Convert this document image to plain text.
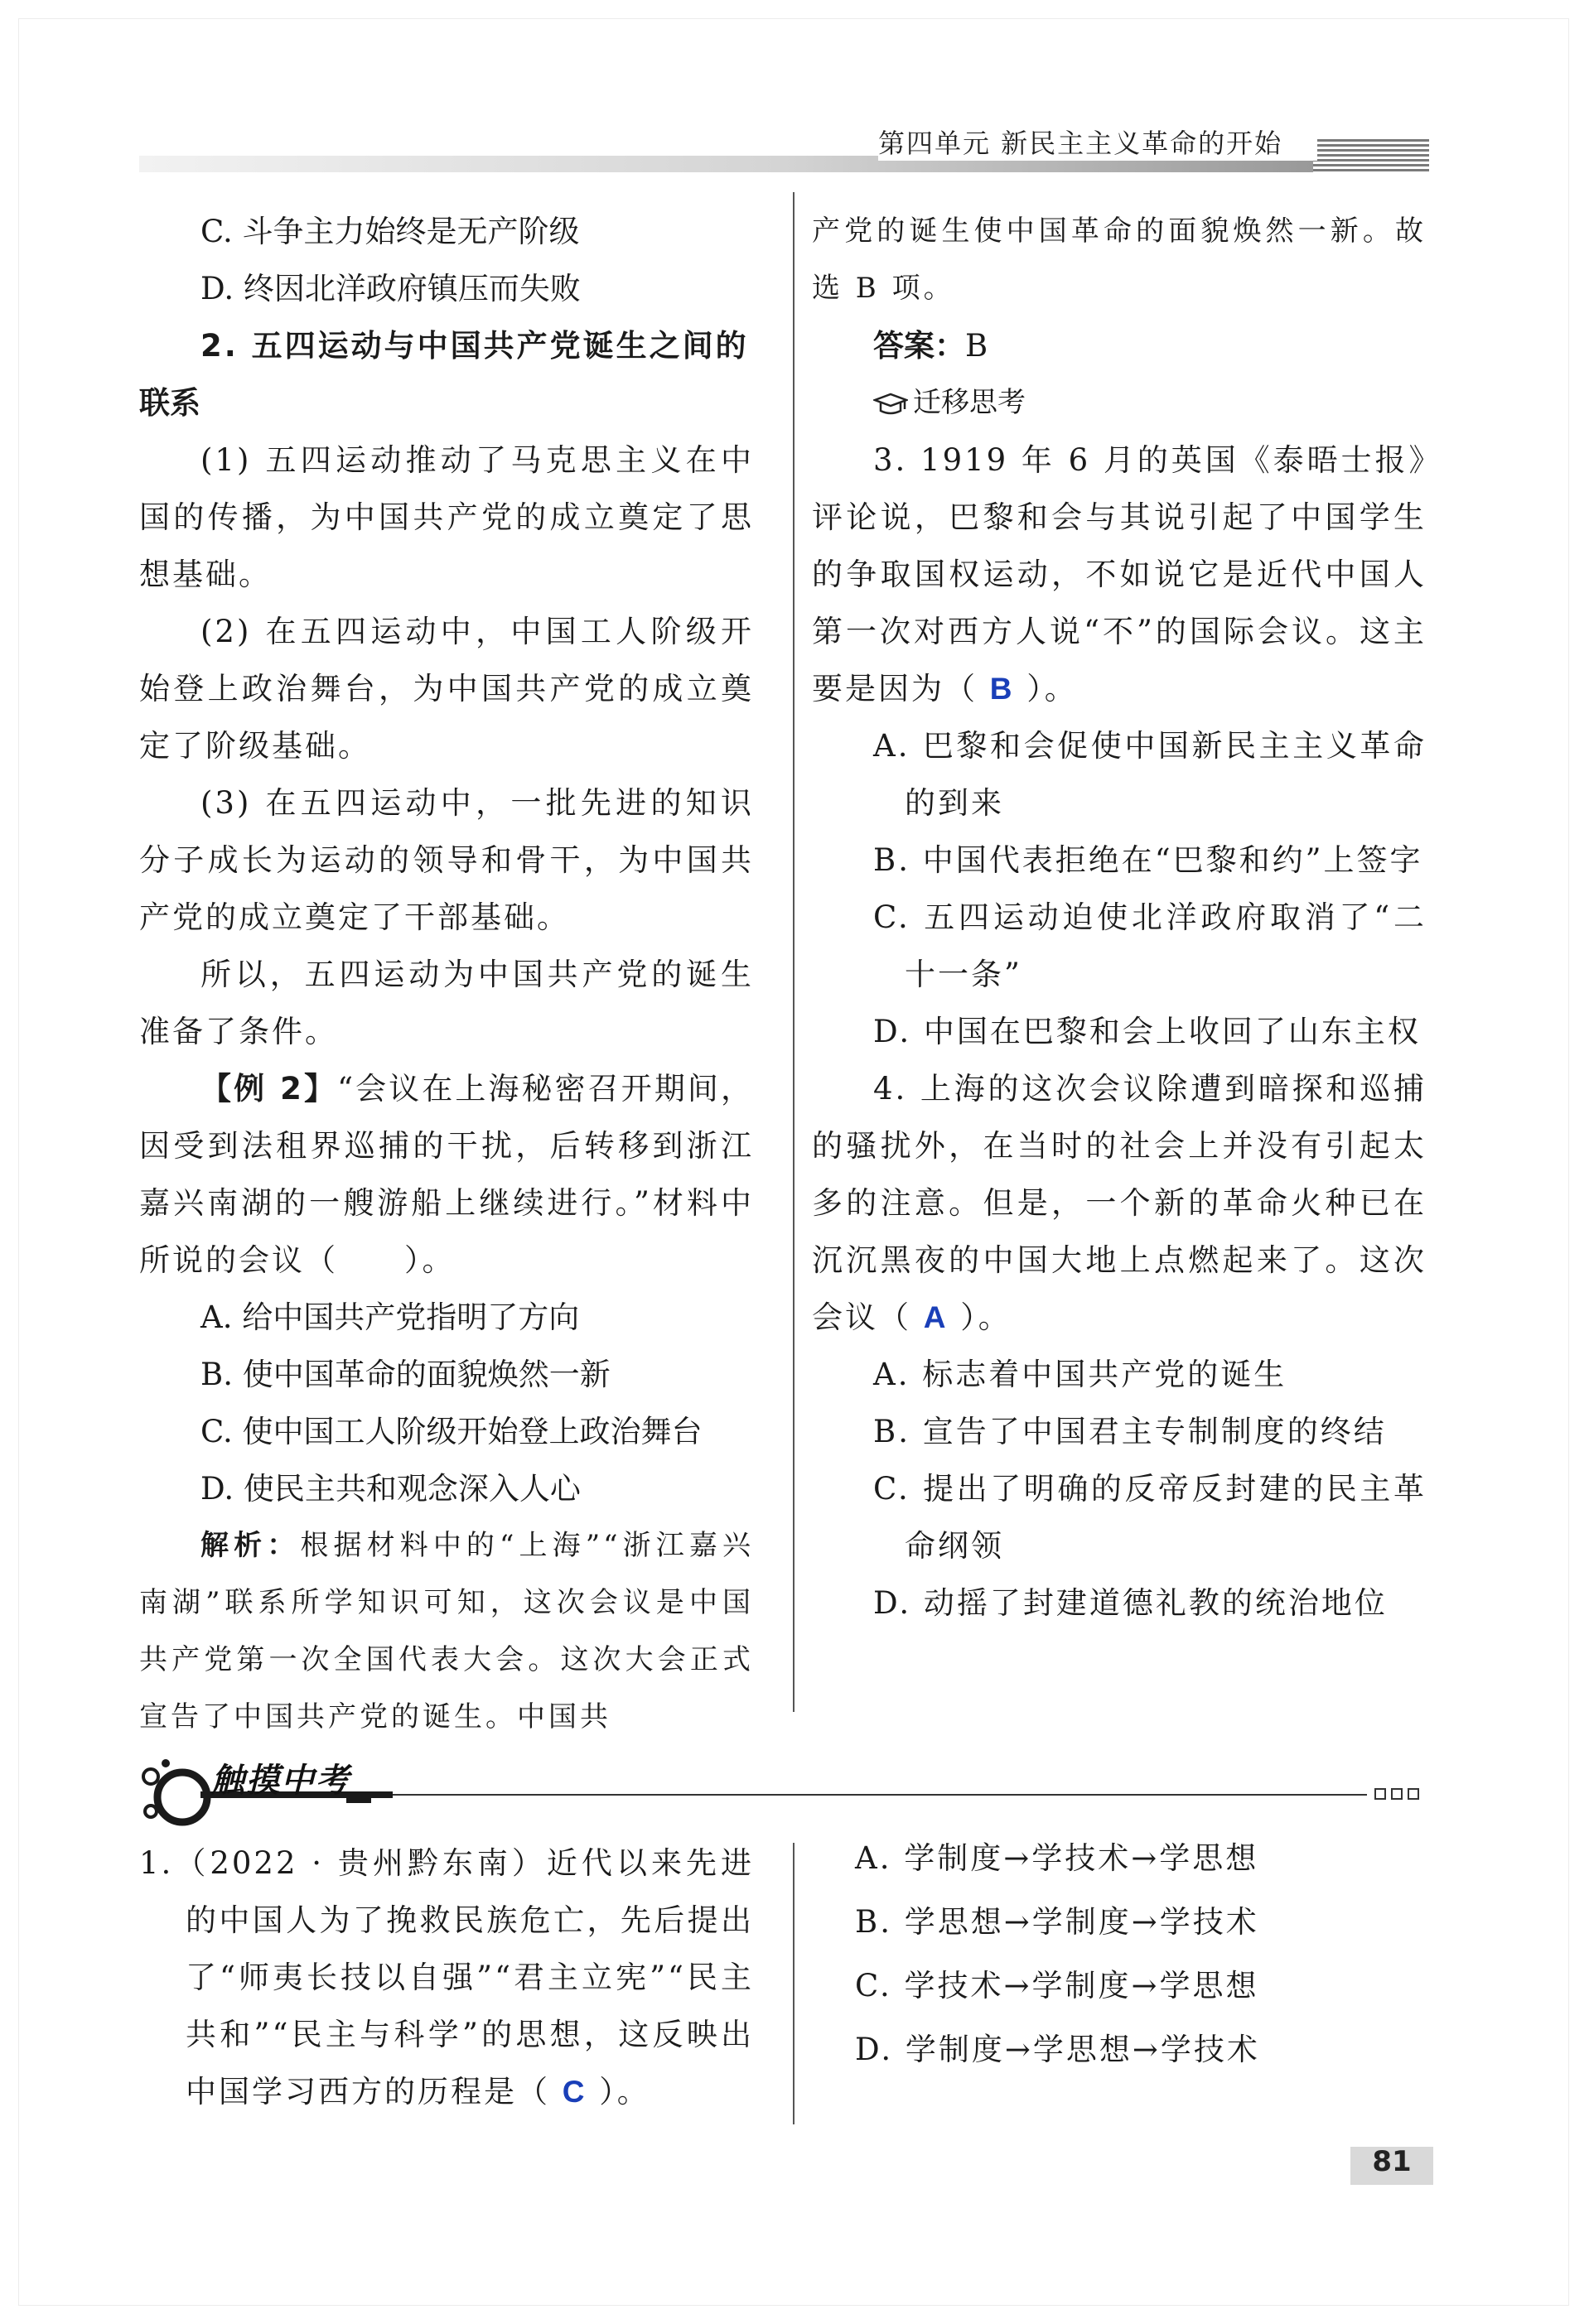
第四单元 新民主主义革命的开始

C. 斗争主力始终是无产阶级

D. 终因北洋政府镇压而失败

2. 五四运动与中国共产党诞生之间的

联系

(1) 五四运动推动了马克思主义在中国的传播，为中国共产党的成立奠定了思想基础。

(2) 在五四运动中，中国工人阶级开始登上政治舞台，为中国共产党的成立奠定了阶级基础。

(3) 在五四运动中，一批先进的知识分子成长为运动的领导和骨干，为中国共产党的成立奠定了干部基础。

所以，五四运动为中国共产党的诞生准备了条件。

【例 2】“会议在上海秘密召开期间，因受到法租界巡捕的干扰，后转移到浙江嘉兴南湖的一艘游船上继续进行。”材料中所说的会议（　　）。

A. 给中国共产党指明了方向

B. 使中国革命的面貌焕然一新

C. 使中国工人阶级开始登上政治舞台

D. 使民主共和观念深入人心

解析：根据材料中的“上海”“浙江嘉兴南湖”联系所学知识可知，这次会议是中国共产党第一次全国代表大会。这次大会正式宣告了中国共产党的诞生。中国共

产党的诞生使中国革命的面貌焕然一新。故选 B 项。

答案：B

迁移思考

3. 1919 年 6 月的英国《泰晤士报》评论说，巴黎和会与其说引起了中国学生的争取国权运动，不如说它是近代中国人第一次对西方人说“不”的国际会议。这主要是因为（ B ）。

A. 巴黎和会促使中国新民主主义革命的到来

B. 中国代表拒绝在“巴黎和约”上签字

C. 五四运动迫使北洋政府取消了“二十一条”

D. 中国在巴黎和会上收回了山东主权

4. 上海的这次会议除遭到暗探和巡捕的骚扰外，在当时的社会上并没有引起太多的注意。但是，一个新的革命火种已在沉沉黑夜的中国大地上点燃起来了。这次会议（ A ）。

A. 标志着中国共产党的诞生

B. 宣告了中国君主专制制度的终结

C. 提出了明确的反帝反封建的民主革命纲领

D. 动摇了封建道德礼教的统治地位

触摸中考

1.（2022 · 贵州黔东南）近代以来先进的中国人为了挽救民族危亡，先后提出了“师夷长技以自强”“君主立宪”“民主共和”“民主与科学”的思想，这反映出中国学习西方的历程是（ C ）。

A. 学制度→学技术→学思想

B. 学思想→学制度→学技术

C. 学技术→学制度→学思想

D. 学制度→学思想→学技术

81
